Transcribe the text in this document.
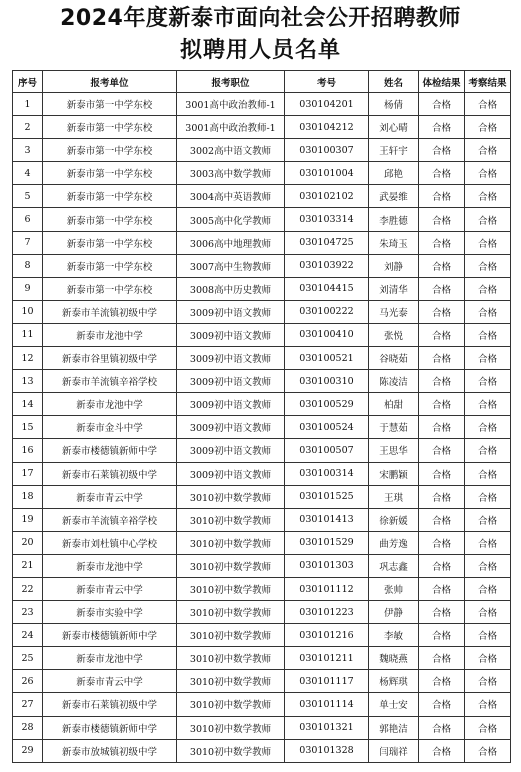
2024年度新泰市面向社会公开招聘教师
拟聘用人员名单
序号	报考单位	报考职位	考号	姓名	体检结果	考察结果
1	新泰市第一中学东校	3001高中政治教师-1	030104201	杨倩	合格	合格
2	新泰市第一中学东校	3001高中政治教师-1	030104212	刘心晴	合格	合格
3	新泰市第一中学东校	3002高中语文教师	030100307	王轩宇	合格	合格
4	新泰市第一中学东校	3003高中数学教师	030101004	邱艳	合格	合格
5	新泰市第一中学东校	3004高中英语教师	030102102	武晏维	合格	合格
6	新泰市第一中学东校	3005高中化学教师	030103314	李胜德	合格	合格
7	新泰市第一中学东校	3006高中地理教师	030104725	朱琦玉	合格	合格
8	新泰市第一中学东校	3007高中生物教师	030103922	刘静	合格	合格
9	新泰市第一中学东校	3008高中历史教师	030104415	刘清华	合格	合格
10	新泰市羊流镇初级中学	3009初中语文教师	030100222	马光泰	合格	合格
11	新泰市龙池中学	3009初中语文教师	030100410	张悦	合格	合格
12	新泰市谷里镇初级中学	3009初中语文教师	030100521	谷晓茹	合格	合格
13	新泰市羊流镇辛裕学校	3009初中语文教师	030100310	陈凌洁	合格	合格
14	新泰市龙池中学	3009初中语文教师	030100529	柏甜	合格	合格
15	新泰市金斗中学	3009初中语文教师	030100524	于慧茹	合格	合格
16	新泰市楼德镇新师中学	3009初中语文教师	030100507	王思华	合格	合格
17	新泰市石莱镇初级中学	3009初中语文教师	030100314	宋鹏颖	合格	合格
18	新泰市青云中学	3010初中数学教师	030101525	王琪	合格	合格
19	新泰市羊流镇辛裕学校	3010初中数学教师	030101413	徐新媛	合格	合格
20	新泰市刘杜镇中心学校	3010初中数学教师	030101529	曲芳逸	合格	合格
21	新泰市龙池中学	3010初中数学教师	030101303	巩志鑫	合格	合格
22	新泰市青云中学	3010初中数学教师	030101112	张帅	合格	合格
23	新泰市实验中学	3010初中数学教师	030101223	伊静	合格	合格
24	新泰市楼德镇新师中学	3010初中数学教师	030101216	李敏	合格	合格
25	新泰市龙池中学	3010初中数学教师	030101211	魏晓燕	合格	合格
26	新泰市青云中学	3010初中数学教师	030101117	杨辉琪	合格	合格
27	新泰市石莱镇初级中学	3010初中数学教师	030101114	单士安	合格	合格
28	新泰市楼德镇新师中学	3010初中数学教师	030101321	郭艳洁	合格	合格
29	新泰市放城镇初级中学	3010初中数学教师	030101328	闫瑞祥	合格	合格
